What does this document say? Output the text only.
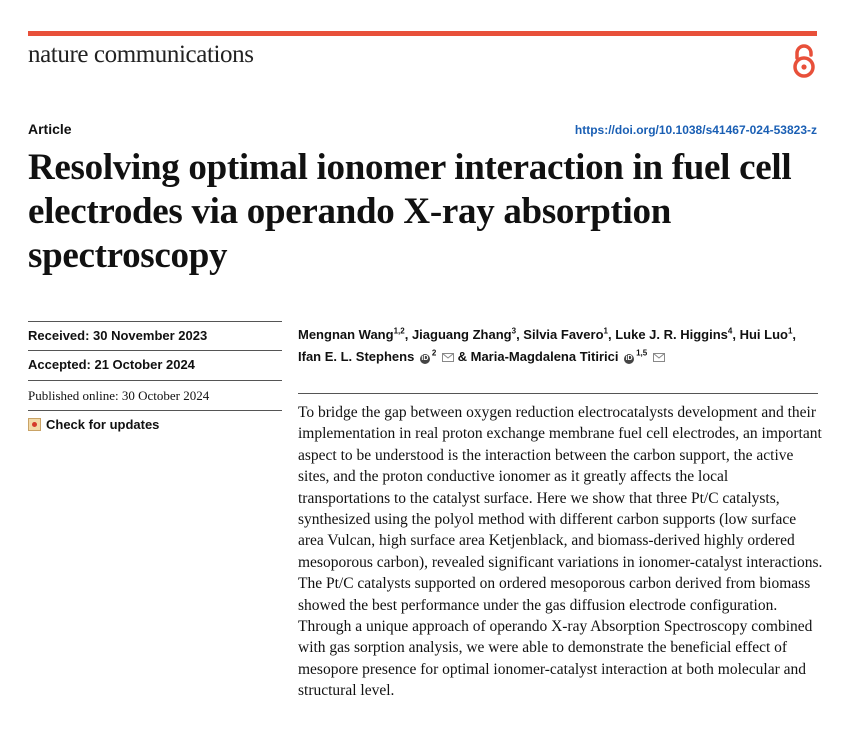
nature communications
Article	https://doi.org/10.1038/s41467-024-53823-z
Resolving optimal ionomer interaction in fuel cell electrodes via operando X-ray absorption spectroscopy
Received: 30 November 2023
Accepted: 21 October 2024
Published online: 30 October 2024
Check for updates

Mengnan Wang$^{1,2}$, Jiaguang Zhang$^3$, Silvia Favero$^1$, Luke J. R. Higgins$^4$, Hui Luo$^1$,
Ifan E. L. Stephens $iD^2$  & Maria-Magdalena Titirici iD$^{1,5}$

To bridge the gap between oxygen reduction electrocatalysts development and their implementation in real proton exchange membrane fuel cell electrodes, an important aspect to be understood is the interaction between the carbon support, the active sites, and the proton conductive ionomer as it greatly affects the local transportations to the catalyst surface. Here we show that three Pt/C catalysts, synthesized using the polyol method with different carbon supports (low surface area Vulcan, high surface area Ketjenblack, and biomass-derived highly ordered mesoporous carbon), revealed significant variations in ionomer-catalyst interactions. The Pt/C catalysts supported on ordered mesoporous carbon derived from biomass showed the best performance under the gas diffusion electrode configuration. Through a unique approach of operando X-ray Absorption Spectroscopy combined with gas sorption analysis, we were able to demonstrate the beneficial effect of mesopore presence for optimal ionomer-catalyst interaction at both molecular and structural level.
